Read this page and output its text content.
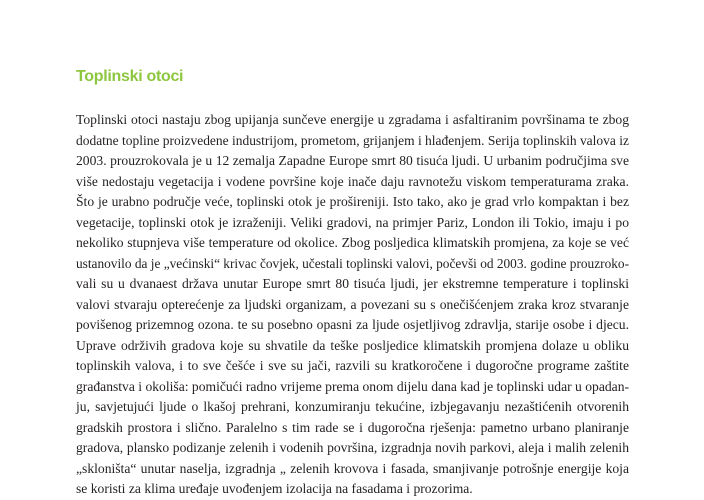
Toplinski otoci
Toplinski otoci nastaju zbog upijanja sunčeve energije u zgradama i asfaltiranim površinama te zbog
dodatne topline proizvedene industrijom, prometom, grijanjem i hlađenjem. Serija toplinskih valova iz
2003. prouzrokovala je u 12 zemalja Zapadne Europe smrt 80 tisuća ljudi. U urbanim područjima sve
više nedostaju vegetacija i vodene površine koje inače daju ravnotežu viskom temperaturama zraka.
Što je urabno područje veće, toplinski otok je prošireniji. Isto tako, ako je grad vrlo kompaktan i bez
vegetacije, toplinski otok je izraženiji. Veliki gradovi, na primjer Pariz, London ili Tokio, imaju i po
nekoliko stupnjeva više temperature od okolice. Zbog posljedica klimatskih promjena, za koje se već
ustanovilo da je „većinski“ krivac čovjek, učestali toplinski valovi, počevši od 2003. godine prouzroko-
vali su u dvanaest država unutar Europe smrt 80 tisuća ljudi, jer ekstremne temperature i toplinski
valovi stvaraju opterećenje za ljudski organizam, a povezani su s onečišćenjem zraka kroz stvaranje
povišenog prizemnog ozona. te su posebno opasni za ljude osjetljivog zdravlja, starije osobe i djecu.
Upravе održivih gradova koje su shvatile da teške posljedice klimatskih promjena dolaze u obliku
toplinskih valova, i to sve češće i sve su jači, razvili su kratkoročene i dugoročne programe zaštite
građanstva i okoliša: pomičući radno vrijeme prema onom dijelu dana kad je toplinski udar u opadan-
ju, savjetujući ljude o lkašoj prehrani, konzumiranju tekućine, izbjegavanju nezaštićenih otvorenih
gradskih prostora i slično. Paralelno s tim rade se i dugoročna rješenja: pametno urbano planiranje
gradova, plansko podizanje zelenih i vodenih površina, izgradnja novih parkovi, aleja i malih zelenih
„skloništa“ unutar naselja, izgradnja „ zelenih krovova i fasada, smanjivanje potrošnje energije koja
se koristi za klima uređaje uvođenjem izolacija na fasadama i prozorima.
